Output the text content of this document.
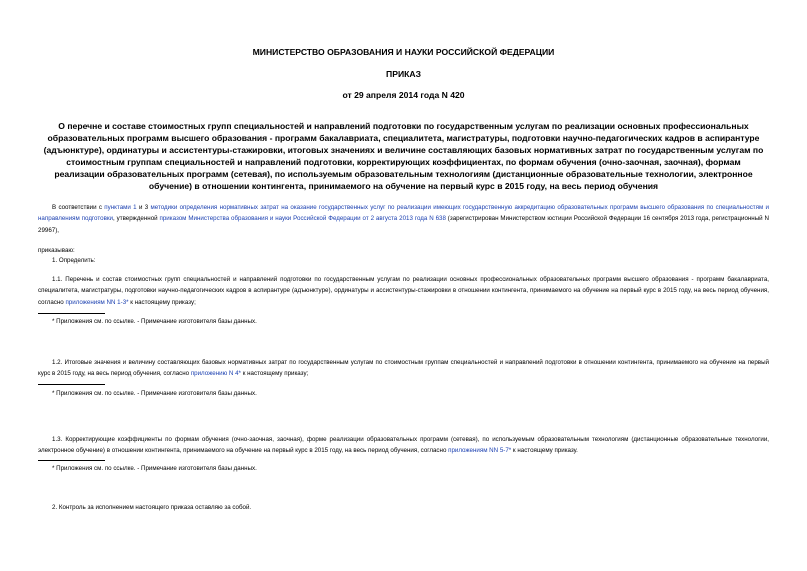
МИНИСТЕРСТВО ОБРАЗОВАНИЯ И НАУКИ РОССИЙСКОЙ ФЕДЕРАЦИИ
ПРИКАЗ
от 29 апреля 2014 года N 420
О перечне и составе стоимостных групп специальностей и направлений подготовки по государственным услугам по реализации основных профессиональных образовательных программ высшего образования - программ бакалавриата, специалитета, магистратуры, подготовки научно-педагогических кадров в аспирантуре (адъюнктуре), ординатуры и ассистентуры-стажировки, итоговых значениях и величине составляющих базовых нормативных затрат по государственным услугам по стоимостным группам специальностей и направлений подготовки, корректирующих коэффициентах, по формам обучения (очно-заочная, заочная), формам реализации образовательных программ (сетевая), по используемым образовательным технологиям (дистанционные образовательные технологии, электронное обучение) в отношении контингента, принимаемого на обучение на первый курс в 2015 году, на весь период обучения
В соответствии с пунктами 1 и 3 методики определения нормативных затрат на оказание государственных услуг по реализации имеющих государственную аккредитацию образовательных программ высшего образования по специальностям и направлениям подготовки, утвержденной приказом Министерства образования и науки Российской Федерации от 2 августа 2013 года N 638 (зарегистрирован Министерством юстиции Российской Федерации 16 сентября 2013 года, регистрационный N 29967),
приказываю:
1. Определить:
1.1. Перечень и состав стоимостных групп специальностей и направлений подготовки по государственным услугам по реализации основных профессиональных образовательных программ высшего образования - программ бакалавриата, специалитета, магистратуры, подготовки научно-педагогических кадров в аспирантуре (адъюнктуре), ординатуры и ассистентуры-стажировки в отношении контингента, принимаемого на обучение на первый курс в 2015 году, на весь период обучения, согласно приложениям NN 1-3* к настоящему приказу;
* Приложения см. по ссылке. - Примечание изготовителя базы данных.
1.2. Итоговые значения и величину составляющих базовых нормативных затрат по государственным услугам по стоимостным группам специальностей и направлений подготовки в отношении контингента, принимаемого на обучение на первый курс в 2015 году, на весь период обучения, согласно приложению N 4* к настоящему приказу;
* Приложения см. по ссылке. - Примечание изготовителя базы данных.
1.3. Корректирующие коэффициенты по формам обучения (очно-заочная, заочная), форме реализации образовательных программ (сетевая), по используемым образовательным технологиям (дистанционные образовательные технологии, электронное обучение) в отношении контингента, принимаемого на обучение на первый курс в 2015 году, на весь период обучения, согласно приложениям NN 5-7* к настоящему приказу.
* Приложения см. по ссылке. - Примечание изготовителя базы данных.
2. Контроль за исполнением настоящего приказа оставляю за собой.
